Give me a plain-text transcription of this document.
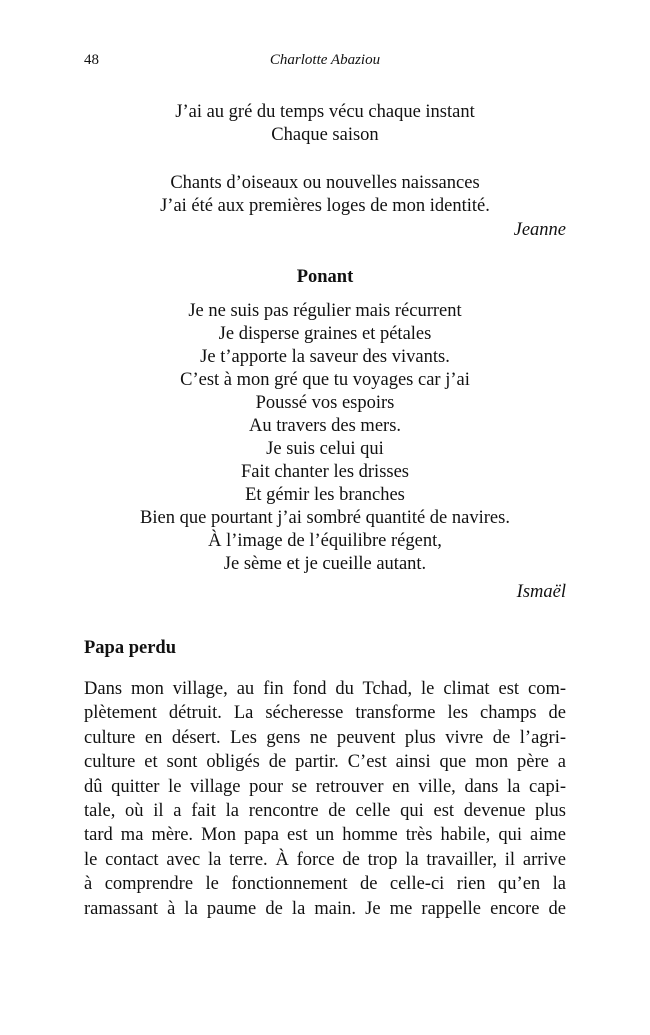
48	Charlotte Abaziou
J’ai au gré du temps vécu chaque instant
Chaque saison
Chants d’oiseaux ou nouvelles naissances
J’ai été aux premières loges de mon identité.
Jeanne
Ponant
Je ne suis pas régulier mais récurrent
Je disperse graines et pétales
Je t’apporte la saveur des vivants.
C’est à mon gré que tu voyages car j’ai
Poussé vos espoirs
Au travers des mers.
Je suis celui qui
Fait chanter les drisses
Et gémir les branches
Bien que pourtant j’ai sombré quantité de navires.
À l’image de l’équilibre régent,
Je sème et je cueille autant.
Ismaël
Papa perdu
Dans mon village, au fin fond du Tchad, le climat est com-
plètement détruit. La sécheresse transforme les champs de
culture en désert. Les gens ne peuvent plus vivre de l’agri-
culture et sont obligés de partir. C’est ainsi que mon père a
dû quitter le village pour se retrouver en ville, dans la capi-
tale, où il a fait la rencontre de celle qui est devenue plus
tard ma mère. Mon papa est un homme très habile, qui aime
le contact avec la terre. À force de trop la travailler, il arrive
à comprendre le fonctionnement de celle-ci rien qu’en la
ramassant à la paume de la main. Je me rappelle encore de
